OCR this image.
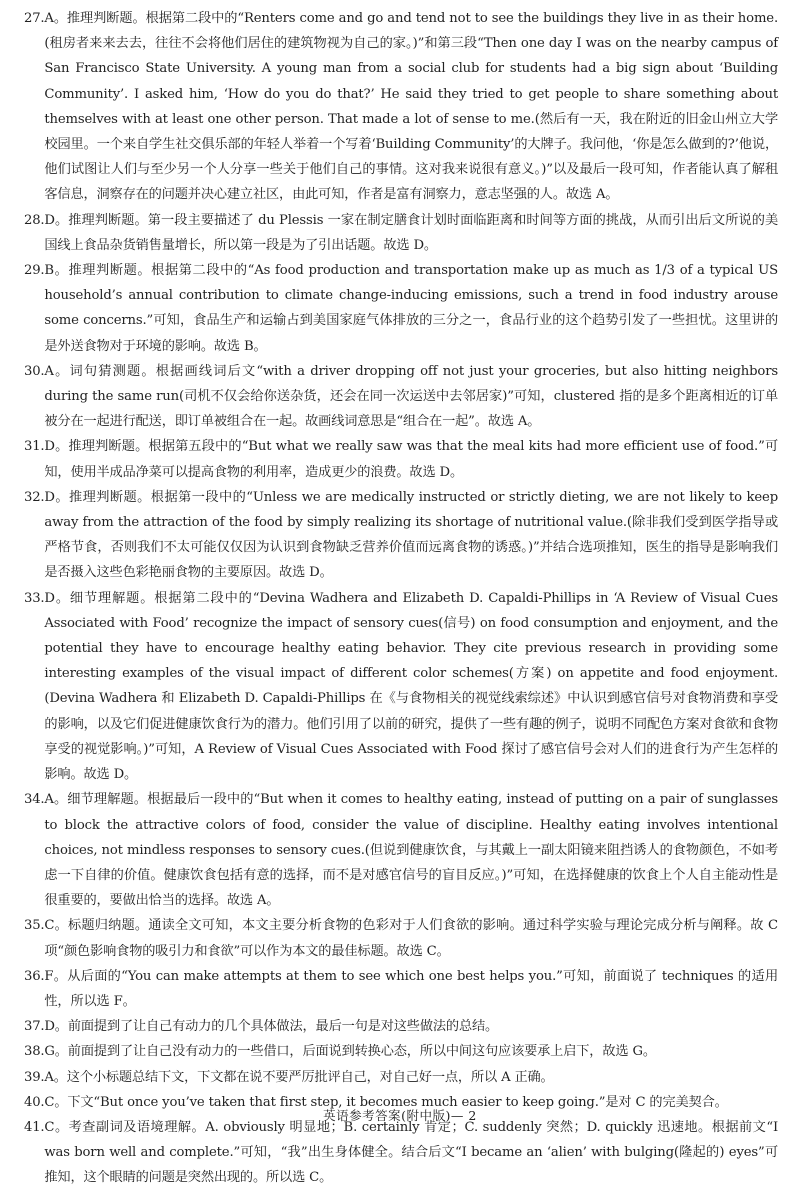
27. A。推理判断题。根据第二段中的“Renters come and go and tend not to see the buildings they live in as their home.(租房者来来去去，往往不会将他们居住的建筑物视为自己的家。)”和第三段“Then one day I was on the nearby campus of San Francisco State University. A young man from a social club for students had a big sign about ‘Building Community’. I asked him, ‘How do you do that?’ He said they tried to get people to share something about themselves with at least one other person. That made a lot of sense to me.(然后有一天，我在附近的旧金山州立大学校园里。一个来自学生社交俱乐部的年轻人举着一个写着‘Building Community’的大牌子。我问他，‘你是怎么做到的?’他说，他们试图让人们与至少另一个人分享一些关于他们自己的事情。这对我来说很有意义。)”以及最后一段可知，作者能认真了解租客信息，洞察存在的问题并决心建立社区，由此可知，作者是富有洞察力，意志坚强的人。故选 A。
28. D。推理判断题。第一段主要描述了 du Plessis 一家在制定膳食计划时面临距离和时间等方面的挑战，从而引出后文所说的美国线上食品杂货销售量增长，所以第一段是为了引出话题。故选 D。
29. B。推理判断题。根据第二段中的“As food production and transportation make up as much as 1/3 of a typical US household’s annual contribution to climate change-inducing emissions, such a trend in food industry arouse some concerns.”可知，食品生产和运输占到美国家庭气体排放的三分之一，食品行业的这个趋势引发了一些担忧。这里讲的是外送食物对于环境的影响。故选 B。
30. A。词句猜测题。根据画线词后文“with a driver dropping off not just your groceries, but also hitting neighbors during the same run(司机不仅会给你送杂货，还会在同一次运送中去邻居家)”可知，clustered 指的是多个距离相近的订单被分在一起进行配送，即订单被组合在一起。故画线词意思是“组合在一起”。故选 A。
31. D。推理判断题。根据第五段中的“But what we really saw was that the meal kits had more efficient use of food.”可知，使用半成品净菜可以提高食物的利用率，造成更少的浪费。故选 D。
32. D。推理判断题。根据第一段中的“Unless we are medically instructed or strictly dieting, we are not likely to keep away from the attraction of the food by simply realizing its shortage of nutritional value.(除非我们受到医学指导或严格节食，否则我们不太可能仅仅因为认识到食物缺乏营养价值而远离食物的诱惑。)”并结合选项推知，医生的指导是影响我们是否摄入这些色彩艳丽食物的主要原因。故选 D。
33. D。细节理解题。根据第二段中的“Devina Wadhera and Elizabeth D. Capaldi-Phillips in ‘A Review of Visual Cues Associated with Food’ recognize the impact of sensory cues(信号) on food consumption and enjoyment, and the potential they have to encourage healthy eating behavior. They cite previous research in providing some interesting examples of the visual impact of different color schemes(方案) on appetite and food enjoyment.(Devina Wadhera 和 Elizabeth D. Capaldi-Phillips 在《与食物相关的视觉线索综述》中认识到感官信号对食物消费和享受的影响，以及它们促进健康饮食行为的潜力。他们引用了以前的研究，提供了一些有趣的例子，说明不同配色方案对食欲和食物享受的视觉影响。)”可知，A Review of Visual Cues Associated with Food 探讨了感官信号会对人们的进食行为产生怎样的影响。故选 D。
34. A。细节理解题。根据最后一段中的“But when it comes to healthy eating, instead of putting on a pair of sunglasses to block the attractive colors of food, consider the value of discipline. Healthy eating involves intentional choices, not mindless responses to sensory cues.(但说到健康饮食，与其戴上一副太阳镜来阻挡诱人的食物颜色，不如考虑一下自律的价值。健康饮食包括有意的选择，而不是对感官信号的盲目反应。)”可知，在选择健康的饮食上个人自主能动性是很重要的，要做出恰当的选择。故选 A。
35. C。标题归纳题。通读全文可知，本文主要分析食物的色彩对于人们食欲的影响。通过科学实验与理论完成分析与阐释。故 C 项“颜色影响食物的吸引力和食欲”可以作为本文的最佳标题。故选 C。
36. F。从后面的“You can make attempts at them to see which one best helps you.”可知，前面说了 techniques 的适用性，所以选 F。
37. D。前面提到了让自己有动力的几个具体做法，最后一句是对这些做法的总结。
38. G。前面提到了让自己没有动力的一些借口，后面说到转换心态，所以中间这句应该要承上启下，故选 G。
39. A。这个小标题总结下文，下文都在说不要严厉批评自己，对自己好一点，所以 A 正确。
40. C。下文“But once you’ve taken that first step, it becomes much easier to keep going.”是对 C 的完美契合。
41. C。考查副词及语境理解。A. obviously 明显地；B. certainly 肯定；C. suddenly 突然；D. quickly 迅速地。根据前文“I was born well and complete.”可知，“我”出生身体健全。结合后文“I became an ‘alien’ with bulging(隆起的) eyes”可推知，这个眼睛的问题是突然出现的。所以选 C。
英语参考答案(附中版)— 2
